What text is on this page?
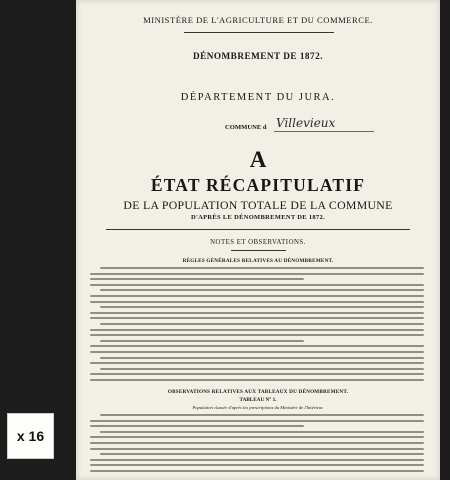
x 16
MINISTÈRE DE L'AGRICULTURE ET DU COMMERCE.
DÉNOMBREMENT DE 1872.
DÉPARTEMENT DU JURA.
COMMUNE d Villevieux
A
ÉTAT RÉCAPITULATIF
DE LA POPULATION TOTALE DE LA COMMUNE
D'APRÈS LE DÉNOMBREMENT DE 1872.
NOTES ET OBSERVATIONS.
RÈGLES GÉNÉRALES RELATIVES AU DÉNOMBREMENT.
OBSERVATIONS RELATIVES AUX TABLEAUX DU DÉNOMBREMENT.
TABLEAU N° 1.
Population classée d'après les prescriptions du Ministère de l'Intérieur.
